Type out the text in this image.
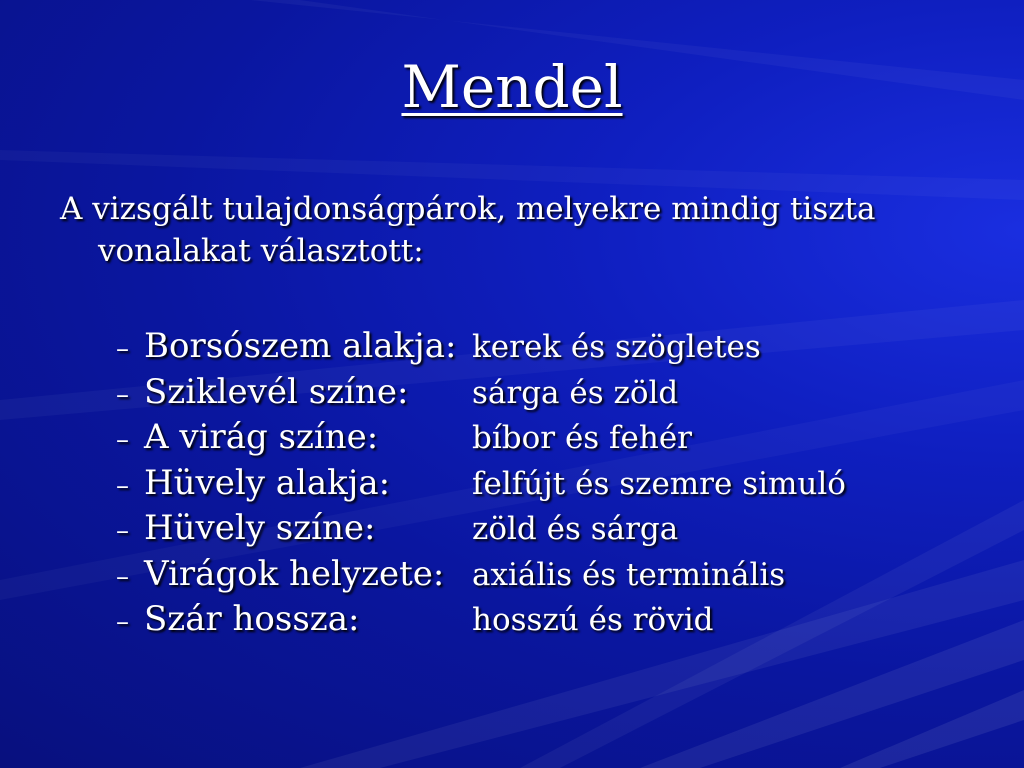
Mendel
A vizsgált tulajdonságpárok, melyekre mindig tiszta
vonalakat választott:
– Borsószem alakja: kerek és szögletes
– Sziklevél színe:	sárga és zöld
– A virág színe:	bíbor és fehér
– Hüvely alakja:	felfújt és szemre simuló
– Hüvely színe:	zöld és sárga
– Virágok helyzete: axiális és terminális
– Szár hossza:	hosszú és rövid
